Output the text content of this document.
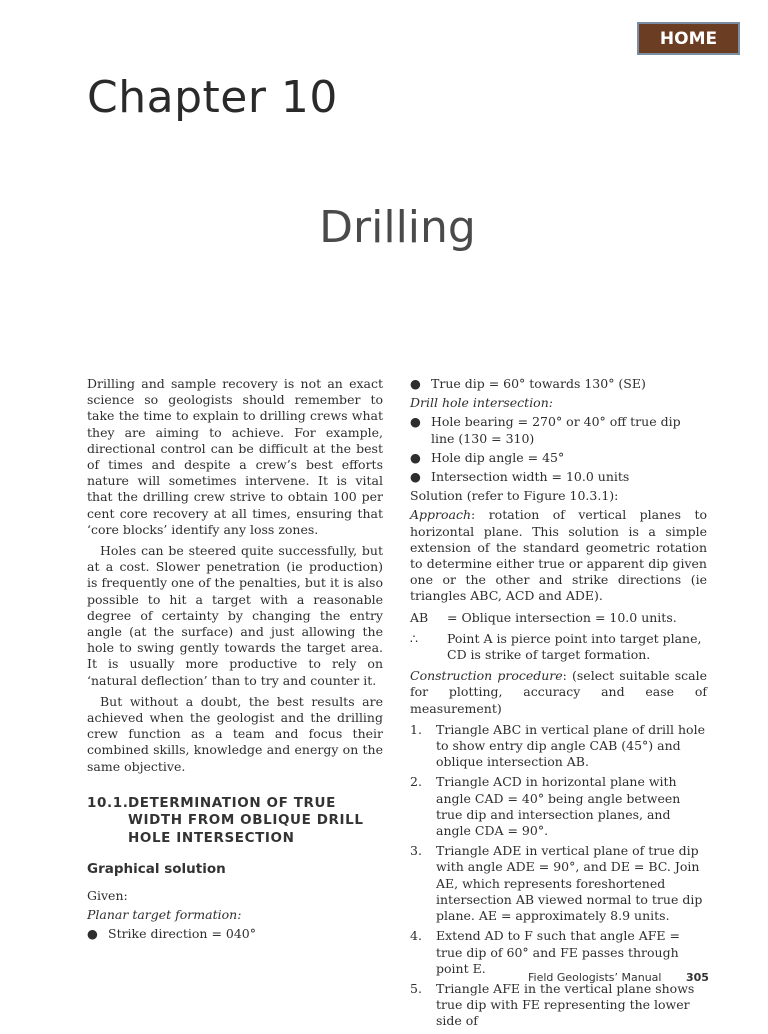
HOME
Chapter 10
Drilling

Drilling and sample recovery is not an exact science so geologists should remember to take the time to explain to drilling crews what they are aiming to achieve. For example, directional control can be difficult at the best of times and despite a crew’s best efforts nature will sometimes intervene. It is vital that the drilling crew strive to obtain 100 per cent core recovery at all times, ensuring that ‘core blocks’ identify any loss zones.

Holes can be steered quite successfully, but at a cost. Slower penetration (ie production) is frequently one of the penalties, but it is also possible to hit a target with a reasonable degree of certainty by changing the entry angle (at the surface) and just allowing the hole to swing gently towards the target area. It is usually more productive to rely on ‘natural deflection’ than to try and counter it.

But without a doubt, the best results are achieved when the geologist and the drilling crew function as a team and focus their combined skills, knowledge and energy on the same objective.

10.1. DETERMINATION OF TRUE WIDTH FROM OBLIQUE DRILL HOLE INTERSECTION
Graphical solution
Given:
Planar target formation:
● Strike direction = 040°
● True dip = 60° towards 130° (SE)
Drill hole intersection:
● Hole bearing = 270° or 40° off true dip line (130 = 310)
● Hole dip angle = 45°
● Intersection width = 10.0 units
Solution (refer to Figure 10.3.1):

Approach: rotation of vertical planes to horizontal plane. This solution is a simple extension of the standard geometric rotation to determine either true or apparent dip given one or the other and strike directions (ie triangles ABC, ACD and ADE).

AB	= Oblique intersection = 10.0 units.
∴	Point A is pierce point into target plane, CD is strike of target formation.

Construction procedure: (select suitable scale for plotting, accuracy and ease of measurement)

1.	Triangle ABC in vertical plane of drill hole to show entry dip angle CAB (45°) and oblique intersection AB.
2.	Triangle ACD in horizontal plane with angle CAD = 40° being angle between true dip and intersection planes, and angle CDA = 90°.
3.	Triangle ADE in vertical plane of true dip with angle ADE = 90°, and DE = BC. Join AE, which represents foreshortened intersection AB viewed normal to true dip plane. AE = approximately 8.9 units.
4.	Extend AD to F such that angle AFE = true dip of 60° and FE passes through point E.
5.	Triangle AFE in the vertical plane shows true dip with FE representing the lower side of
Field Geologists’ Manual 305
